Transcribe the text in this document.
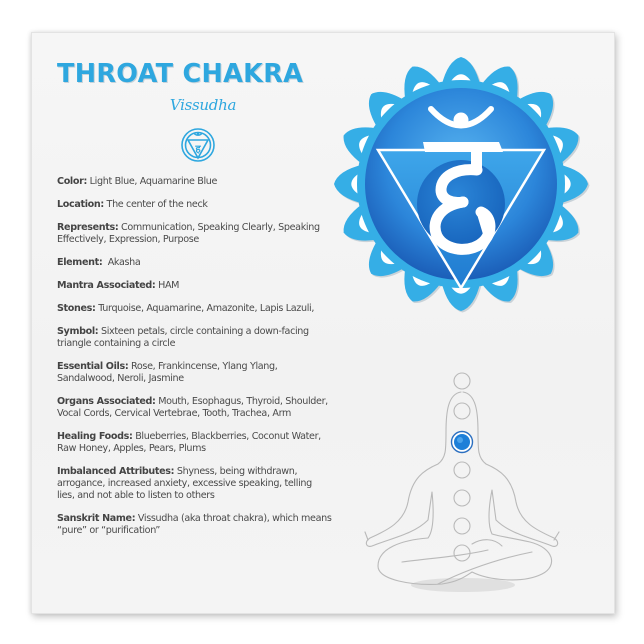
THROAT CHAKRA
Vissudha
ह
Color: Light Blue, Aquamarine Blue
Location: The center of the neck
Represents: Communication, Speaking Clearly, Speaking Effectively, Expression, Purpose
Element:  Akasha
Mantra Associated: HAM
Stones: Turquoise, Aquamarine, Amazonite, Lapis Lazuli,
Symbol: Sixteen petals, circle containing a down-facing triangle containing a circle
Essential Oils: Rose, Frankincense, Ylang Ylang, Sandalwood, Neroli, Jasmine
Organs Associated: Mouth, Esophagus, Thyroid, Shoulder, Vocal Cords, Cervical Vertebrae, Tooth, Trachea, Arm
Healing Foods: Blueberries, Blackberries, Coconut Water, Raw Honey, Apples, Pears, Plums
Imbalanced Attributes: Shyness, being withdrawn, arrogance, increased anxiety, excessive speaking, telling lies, and not able to listen to others
Sanskrit Name: Vissudha (aka throat chakra), which means “pure” or “purification”
